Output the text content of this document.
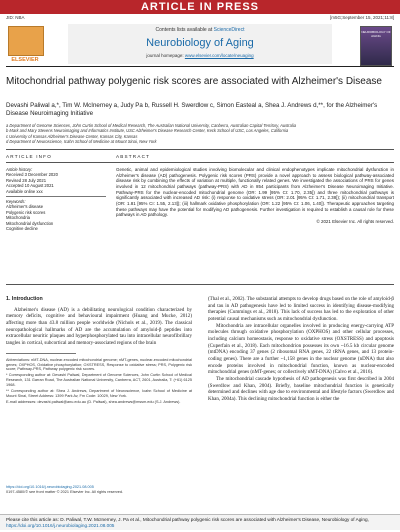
ARTICLE IN PRESS
JID: NBA	[m5G;September 15, 2021;11:8]
ELSEVIER
Contents lists available at ScienceDirect
Neurobiology of Aging
journal homepage: www.elsevier.com/locate/neuaging
NEUROBIOLOGY OF AGING
Mitochondrial pathway polygenic risk scores are associated with Alzheimer's Disease
Devashi Paliwal a,*, Tim W. McInerney a, Judy Pa b, Russell H. Swerdlow c, Simon Easteal a, Shea J. Andrews d,**, for the Alzheimer's Disease Neuroimaging Initiative
a Department of Genome Sciences, John Curtin School of Medical Research, The Australian National University, Canberra, Australian Capital Territory, Australia
b Mark and Mary Stevens Neuroimaging and Informatics Institute, USC Alzheimer's Disease Research Center, Keck School of USC, Los Angeles, California
c University of Kansas Alzheimer's Disease Center, Kansas City, Kansas
d Department of Neuroscience, Icahn School of Medicine at Mount Sinai, New York
ARTICLE INFO	ABSTRACT
Article history:
Received 3 December 2020
Revised 28 July 2021
Accepted 10 August 2021
Available online xxx
Keywords:
Alzheimer's disease
Polygenic risk scores
Mitochondria
Mitochondrial dysfunction
Cognitive decline
Genetic, animal and epidemiological studies involving biomolecular and clinical endophenotypes implicate mitochondrial dysfunction in Alzheimer's disease (AD) pathogenesis. Polygenic risk scores (PRS) provide a novel approach to assess biological pathway-associated disease risk by combining the effects of variation at multiple, functionally related genes. We investigated the associations of PRS for genes involved in 12 mitochondrial pathways (pathway-PRS) with AD in 854 participants from Alzheimer's Disease Neuroimaging Initiative. Pathway-PRS for the nuclear-encoded mitochondrial genome (OR: 1.99 [95% CI: 1.70, 2.35]) and three mitochondrial pathways is significantly associated with increased AD risk: (i) response to oxidative stress (OR: 2.01 [95% CI: 1.71, 2.38]); (ii) mitochondrial transport (OR: 1.81 [95% CI: 1.55, 2.13]); (iii) hallmark oxidative phosphorylation (OR: 1.22 [95% CI: 1.06, 1.40]). Therapeutic approaches targeting these pathways may have the potential for modifying AD pathogenesis. Further investigation is required to establish a causal role for these pathways in AD pathology.
© 2021 Elsevier Inc. All rights reserved.
1. Introduction

Alzheimer's disease (AD) is a debilitating neurological condition characterized by memory deficits, cognitive and behavioural impairment (Huang and Mucke, 2012) affecting more than 43.8 million people worldwide (Nichols et al., 2019). The classical neuropathological hallmarks of AD are the accumulation of amyloid-β peptides into extracellular neuritic plaques and hyperphosphorylated tau into intracellular neurofibrillary tangles in cortical, subcortical and memory-associated regions of the brain

Abbreviations: nMT-DNA, nuclear-encoded mitochondrial genome; nMT-genes, nuclear-encoded mitochondrial genes; OXPHOS, Oxidative phosphorylation; OXSTRESS, Response to oxidative stress; PRS, Polygenic risk score; Pathway-PRS, Pathway polygenic risk scores.

* Corresponding author at: Devashi Paliwal, Department of Genome Sciences, John Curtin School of Medical Research, 131 Garran Road, The Australian National University, Canberra, ACT, 2601, Australia, T: (+61) 6125 1968.

** Corresponding author at: Shea J. Andrews, Department of Neuroscience, Icahn School of Medicine at Mount Sinai, Street Address: 1399 Park Av, Fm Code: 10029, New York.

E-mail addresses: devashi.paliwal@anu.edu.au (D. Paliwal), shea.andrews@mssm.edu (S.J. Andrews).

(Thal et al., 2002). The substantial attempts to develop drugs based on the role of amyloid-β and tau in AD pathogenesis have led to limited success in identifying disease-modifying therapies (Cummings et al., 2018). This lack of success has led to the exploration of other potential causal mechanisms such as mitochondrial dysfunction.

Mitochondria are intracellular organelles involved in producing energy-carrying ATP molecules through oxidative phosphorylation (OXPHOS) and other cellular processes, including calcium homeostasis, response to oxidative stress (OXSTRESS) and apoptosis (Cuperfain et al., 2018). Each mitochondrion possesses its own ~16.5 kb circular genome (mtDNA) encoding 37 genes (2 ribosomal RNA genes, 22 tRNA genes, and 13 protein-coding genes). There are a further ~1,158 genes in the nuclear genome (nDNA) that also encode proteins involved in mitochondrial function, known as nuclear-encoded mitochondrial genes (nMT-genes; or collectively nMT-DNA) (Calvo et al., 2016).

The mitochondrial cascade hypothesis of AD pathogenesis was first described in 2004 (Swerdlow and Khan, 2004). Briefly, baseline mitochondrial function is genetically determined and declines with age due to environmental and lifestyle factors (Swerdlow and Khan, 2004a). This declining mitochondrial function is either the

https://doi.org/10.1016/j.neurobiolaging.2021.08.005
0197-4580/© see front matter © 2021 Elsevier Inc. All rights reserved.
Please cite this article as: D. Paliwal, T.W. McInerney, J. Pa et al., Mitochondrial pathway polygenic risk scores are associated with Alzheimer's Disease, Neurobiology of Aging, https://doi.org/10.1016/j.neurobiolaging.2021.08.005
